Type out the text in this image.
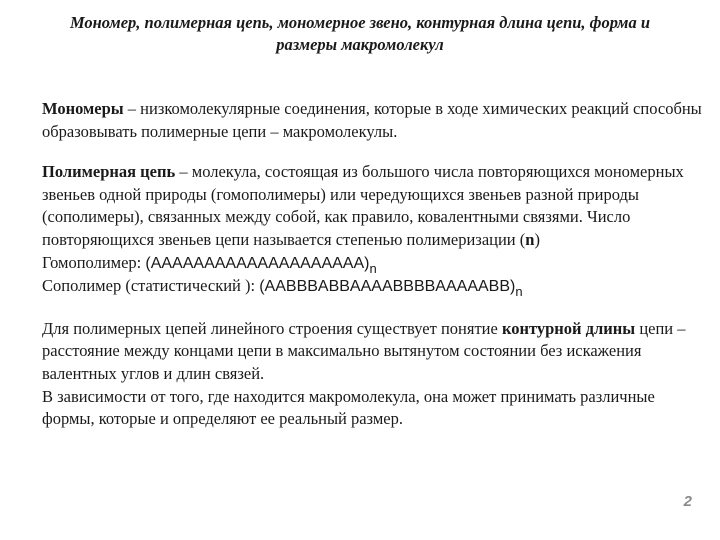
Мономер, полимерная цепь, мономерное звено, контурная длина цепи, форма и
размеры макромолекул

Мономеры – низкомолекулярные соединения, которые в ходе химических реакций способны образовывать полимерные цепи – макромолекулы.

Полимерная цепь – молекула, состоящая из большого числа повторяющихся мономерных звеньев одной природы (гомополимеры) или чередующихся звеньев разной природы (сополимеры), связанных между собой, как правило, ковалентными связями. Число повторяющихся звеньев цепи называется степенью полимеризации (n)

Гомополимер: $(AAAAAAAAAAAAAAAAAAAA)_n$

Сополимер (статистический ): $(AABBBABBAAAABBBBAAAAABB)_n$

Для полимерных цепей линейного строения существует понятие контурной длины цепи – расстояние между концами цепи в максимально вытянутом состоянии без искажения валентных углов и длин связей.

В зависимости от того, где находится макромолекула, она может принимать различные формы, которые и определяют ее реальный размер.

2
